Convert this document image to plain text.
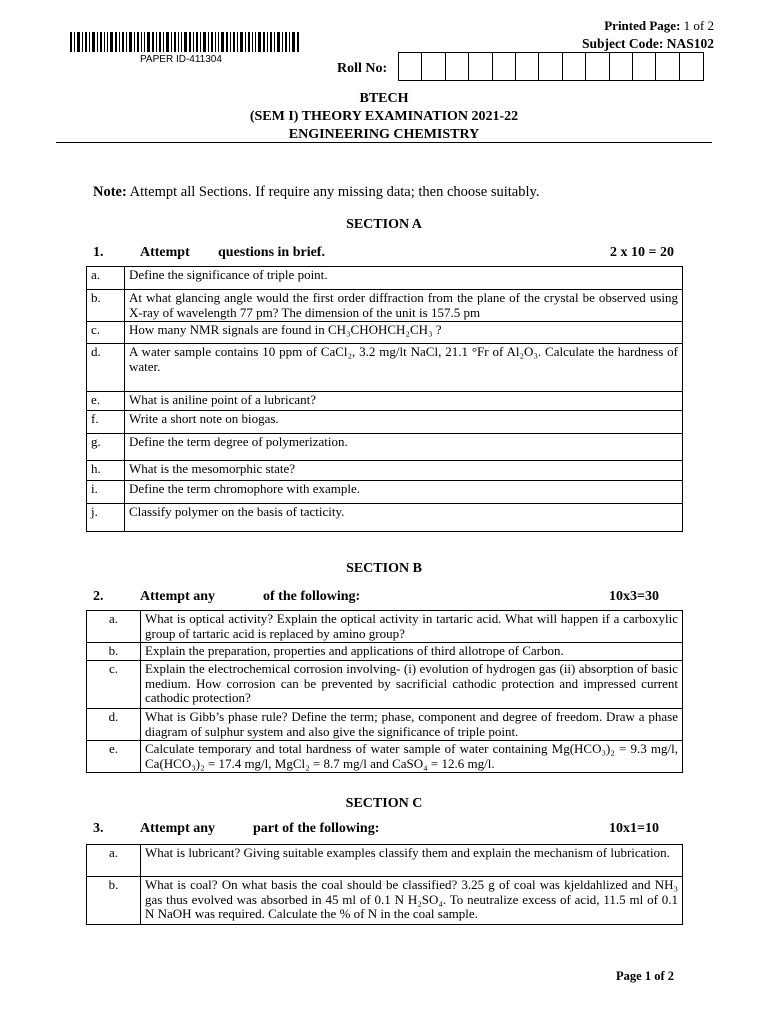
PAPER ID-411304
Printed Page: 1 of 2
Subject Code: NAS102
Roll No:
BTECH
(SEM I) THEORY EXAMINATION 2021-22
ENGINEERING CHEMISTRY
Note: Attempt all Sections. If require any missing data; then choose suitably.
SECTION A
1.	Attempt questions in brief.	2 x 10 = 20
a.	Define the significance of triple point.
b.	At what glancing angle would the first order diffraction from the plane of the crystal be observed using X-ray of wavelength 77 pm? The dimension of the unit is 157.5 pm
c.	How many NMR signals are found in CH₃CHOHCH₂CH₃ ?
d.	A water sample contains 10 ppm of CaCl₂, 3.2 mg/lt NaCl, 21.1 °Fr of Al₂O₃. Calculate the hardness of water.
e.	What is aniline point of a lubricant?
f.	Write a short note on biogas.
g.	Define the term degree of polymerization.
h.	What is the mesomorphic state?
i.	Define the term chromophore with example.
j.	Classify polymer on the basis of tacticity.
SECTION B
2.	Attempt any	of the following:	10x3=30
a.	What is optical activity? Explain the optical activity in tartaric acid. What will happen if a carboxylic group of tartaric acid is replaced by amino group?
b.	Explain the preparation, properties and applications of third allotrope of Carbon.
c.	Explain the electrochemical corrosion involving- (i) evolution of hydrogen gas (ii) absorption of basic medium. How corrosion can be prevented by sacrificial cathodic protection and impressed current cathodic protection?
d.	What is Gibb’s phase rule? Define the term; phase, component and degree of freedom. Draw a phase diagram of sulphur system and also give the significance of triple point.
e.	Calculate temporary and total hardness of water sample of water containing Mg(HCO₃)₂ = 9.3 mg/l, Ca(HCO₃)₂ = 17.4 mg/l, MgCl₂ = 8.7 mg/l and CaSO₄ = 12.6 mg/l.
SECTION C
3.	Attempt any	part of the following:	10x1=10
a.	What is lubricant? Giving suitable examples classify them and explain the mechanism of lubrication.
b.	What is coal? On what basis the coal should be classified? 3.25 g of coal was kjeldahlized and NH₃ gas thus evolved was absorbed in 45 ml of 0.1 N H₂SO₄. To neutralize excess of acid, 11.5 ml of 0.1 N NaOH was required. Calculate the % of N in the coal sample.
Page 1 of 2
